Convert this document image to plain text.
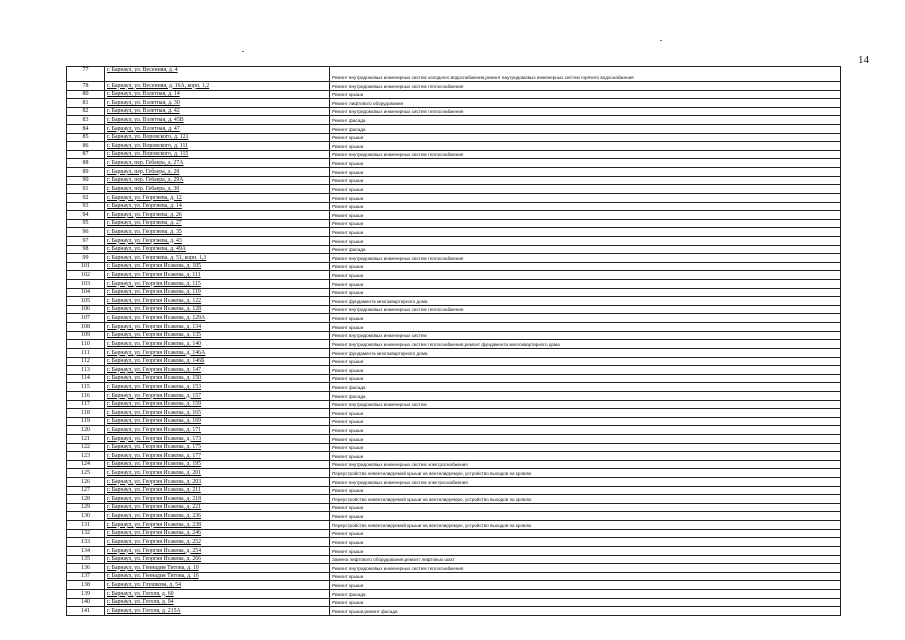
14
77	г. Барнаул, ул. Весенняя, д. 4	Ремонт внутридомовых инженерных систем холодного водоснабжения,ремонт внутридомовых инженерных систем горячего водоснабжения
78	г. Барнаул, ул. Весенняя, д. 16А, корп. 1,2	Ремонт внутридомовых инженерных систем теплоснабжения
80	г. Барнаул, ул. Взлетная, д. 14	Ремонт крыши
81	г. Барнаул, ул. Взлетная, д. 30	Ремонт лифтового оборудования
82	г. Барнаул, ул. Взлетная, д. 42	Ремонт внутридомовых инженерных систем теплоснабжения
83	г. Барнаул, ул. Взлетная, д. 45В	Ремонт фасада
84	г. Барнаул, ул. Взлетная, д. 47	Ремонт фасада
85	г. Барнаул, ул. Воровского, д. 121	Ремонт крыши
86	г. Барнаул, ул. Воровского, д. 111	Ремонт крыши
87	г. Барнаул, ул. Воровского, д. 115	Ремонт внутридомовых инженерных систем теплоснабжения
88	г. Барнаул, пер. Гебаера, д. 27А	Ремонт крыши
89	г. Барнаул, пер. Гебаера, д. 28	Ремонт крыши
90	г. Барнаул, пер. Гебаера, д. 29А	Ремонт крыши
91	г. Барнаул, пер. Гебаера, д. 30	Ремонт крыши
92	г. Барнаул, ул. Георгиева, д. 12	Ремонт крыши
93	г. Барнаул, ул. Георгиева, д. 14	Ремонт крыши
94	г. Барнаул, ул. Георгиева, д. 26	Ремонт крыши
95	г. Барнаул, ул. Георгиева, д. 27	Ремонт крыши
96	г. Барнаул, ул. Георгиева, д. 35	Ремонт крыши
97	г. Барнаул, ул. Георгиева, д. 43	Ремонт крыши
98	г. Барнаул, ул. Георгиева, д. 49А	Ремонт фасада
99	г. Барнаул, ул. Георгиева, д. 51, корп. 1,3	Ремонт внутридомовых инженерных систем теплоснабжения
101	г. Барнаул, ул. Георгия Исакова, д. 105	Ремонт крыши
102	г. Барнаул, ул. Георгия Исакова, д. 111	Ремонт крыши
103	г. Барнаул, ул. Георгия Исакова, д. 115	Ремонт крыши
104	г. Барнаул, ул. Георгия Исакова, д. 119	Ремонт крыши
105	г. Барнаул, ул. Георгия Исакова, д. 122	Ремонт фундамента многоквартирного дома
106	г. Барнаул, ул. Георгия Исакова, д. 128	Ремонт внутридомовых инженерных систем теплоснабжения
107	г. Барнаул, ул. Георгия Исакова, д. 129А	Ремонт крыши
108	г. Барнаул, ул. Георгия Исакова, д. 134	Ремонт крыши
109	г. Барнаул, ул. Георгия Исакова, д. 135	Ремонт внутридомовых инженерных систем
110	г. Барнаул, ул. Георгия Исакова, д. 140	Ремонт внутридомовых инженерных систем теплоснабжения,ремонт фундамента многоквартирного дома
111	г. Барнаул, ул. Георгия Исакова, д. 146А	Ремонт фундамента многоквартирного дома
112	г. Барнаул, ул. Георгия Исакова, д. 146Б	Ремонт крыши
113	г. Барнаул, ул. Георгия Исакова, д. 147	Ремонт крыши
114	г. Барнаул, ул. Георгия Исакова, д. 150	Ремонт крыши
115	г. Барнаул, ул. Георгия Исакова, д. 153	Ремонт фасада
116	г. Барнаул, ул. Георгия Исакова, д. 157	Ремонт фасада
117	г. Барнаул, ул. Георгия Исакова, д. 159	Ремонт внутридомовых инженерных систем
118	г. Барнаул, ул. Георгия Исакова, д. 165	Ремонт крыши
119	г. Барнаул, ул. Георгия Исакова, д. 169	Ремонт крыши
120	г. Барнаул, ул. Георгия Исакова, д. 171	Ремонт крыши
121	г. Барнаул, ул. Георгия Исакова, д. 173	Ремонт крыши
122	г. Барнаул, ул. Георгия Исакова, д. 175	Ремонт крыши
123	г. Барнаул, ул. Георгия Исакова, д. 177	Ремонт крыши
124	г. Барнаул, ул. Георгия Исакова, д. 195	Ремонт внутридомовых инженерных систем электроснабжения
125	г. Барнаул, ул. Георгия Исакова, д. 201	Переустройство невентилируемой крыши на вентилируемую, устройство выходов на кровлю
126	г. Барнаул, ул. Георгия Исакова, д. 203	Ремонт внутридомовых инженерных систем электроснабжения
127	г. Барнаул, ул. Георгия Исакова, д. 211	Ремонт крыши
128	г. Барнаул, ул. Георгия Исакова, д. 218	Переустройство невентилируемой крыши на вентилируемую, устройство выходов на кровлю
129	г. Барнаул, ул. Георгия Исакова, д. 221	Ремонт крыши
130	г. Барнаул, ул. Георгия Исакова, д. 236	Ремонт крыши
131	г. Барнаул, ул. Георгия Исакова, д. 238	Переустройство невентилируемой крыши на вентилируемую, устройство выходов на кровлю
132	г. Барнаул, ул. Георгия Исакова, д. 246	Ремонт крыши
133	г. Барнаул, ул. Георгия Исакова, д. 252	Ремонт крыши
134	г. Барнаул, ул. Георгия Исакова, д. 254	Ремонт крыши
135	г. Барнаул, ул. Георгия Исакова, д. 266	Замена лифтового оборудования,ремонт лифтовых шахт
136	г. Барнаул, ул. Геннадия Титова, д. 10	Ремонт внутридомовых инженерных систем теплоснабжения
137	г. Барнаул, ул. Геннадия Титова, д. 16	Ремонт крыши
138	г. Барнаул, ул. Глушкова, д. 54	Ремонт крыши
139	г. Барнаул, ул. Гоголя, д. 60	Ремонт фасада
140	г. Барнаул, ул. Гоголя, д. 94	Ремонт крыши
141	г. Барнаул, ул. Гоголя, д. 215А	Ремонт крыши,ремонт фасада
